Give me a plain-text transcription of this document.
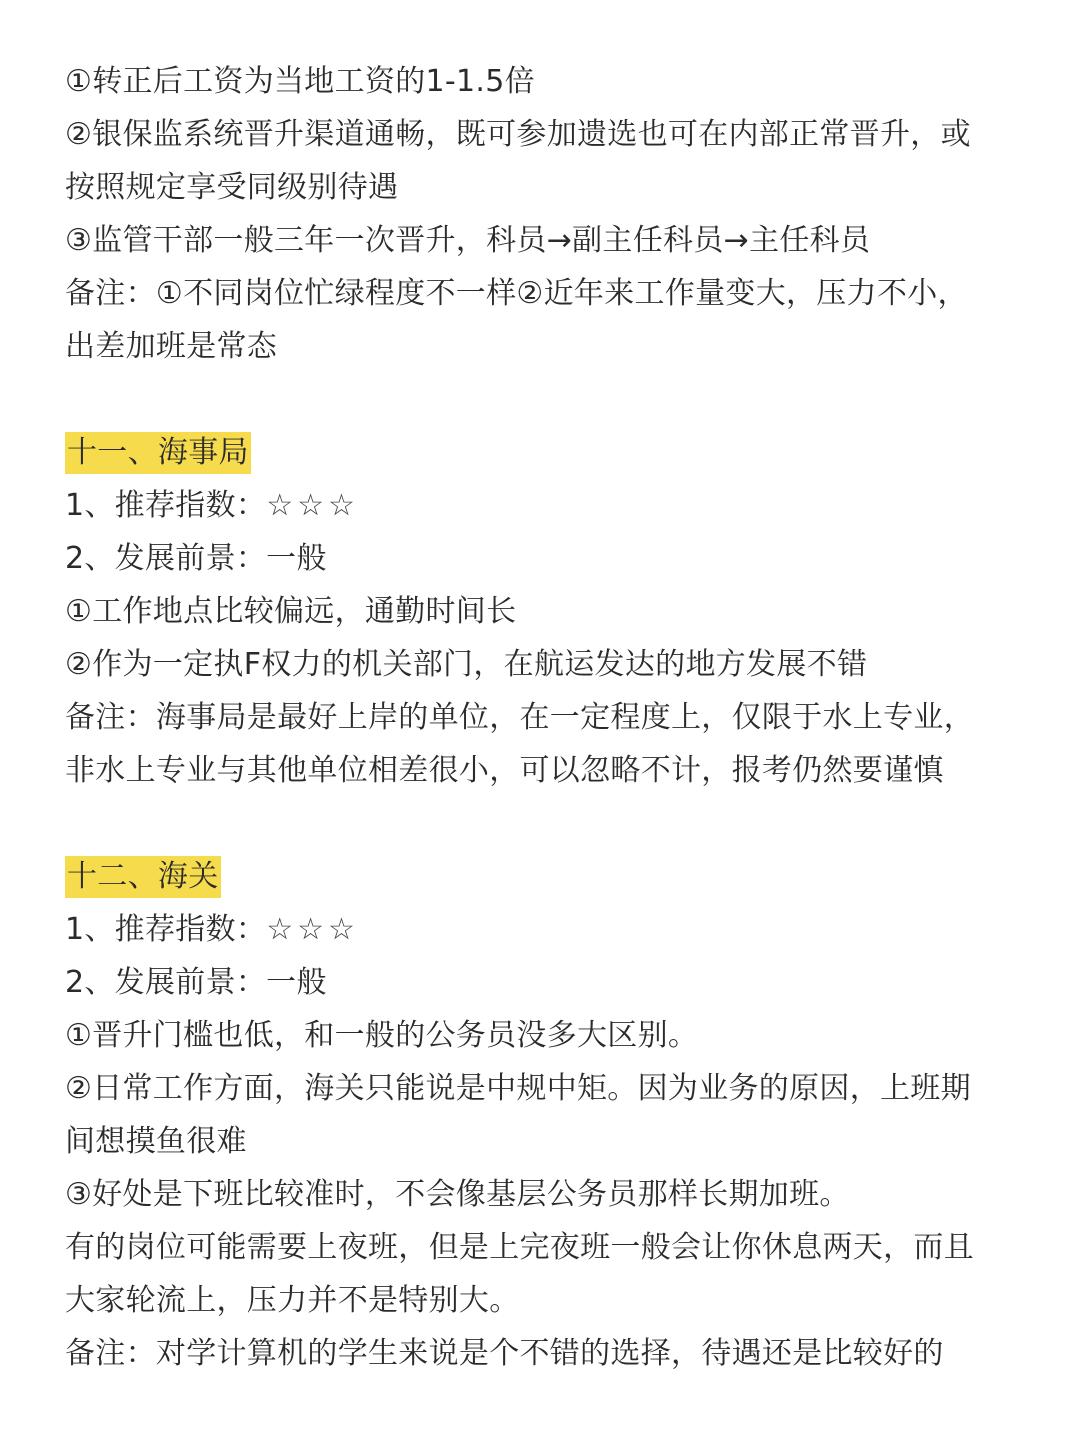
①转正后工资为当地工资的1-1.5倍
②银保监系统晋升渠道通畅，既可参加遗选也可在内部正常晋升，或
按照规定享受同级别待遇
③监管干部一般三年一次晋升，科员→副主任科员→主任科员
备注：①不同岗位忙绿程度不一样②近年来工作量变大，压力不小，
出差加班是常态
十一、海事局
1、推荐指数：☆☆☆
2、发展前景：一般
①工作地点比较偏远，通勤时间长
②作为一定执F权力的机关部门，在航运发达的地方发展不错
备注：海事局是最好上岸的单位，在一定程度上，仅限于水上专业，
非水上专业与其他单位相差很小，可以忽略不计，报考仍然要谨慎
十二、海关
1、推荐指数：☆☆☆
2、发展前景：一般
①晋升门槛也低，和一般的公务员没多大区别。
②日常工作方面，海关只能说是中规中矩。因为业务的原因，上班期
间想摸鱼很难
③好处是下班比较准时，不会像基层公务员那样长期加班。
有的岗位可能需要上夜班，但是上完夜班一般会让你休息两天，而且
大家轮流上，压力并不是特别大。
备注：对学计算机的学生来说是个不错的选择，待遇还是比较好的
